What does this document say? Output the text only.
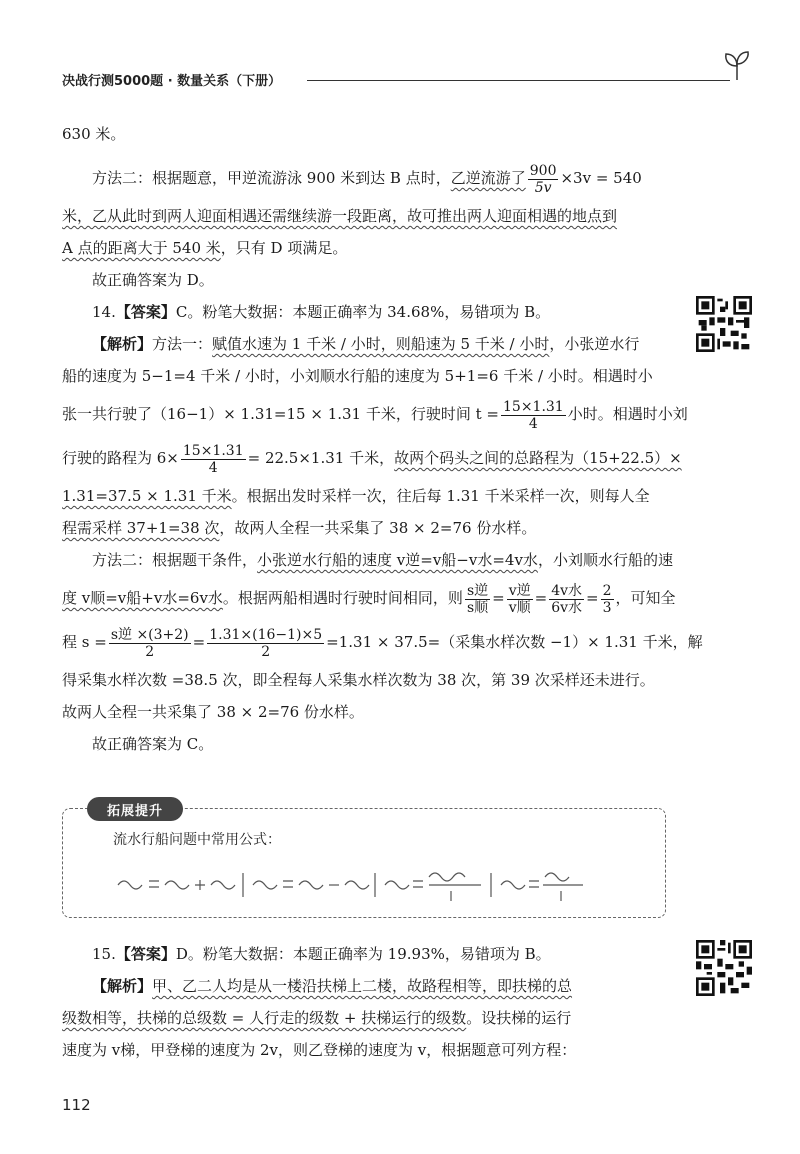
决战行测5000题 · 数量关系（下册）
630 米。
方法二：根据题意，甲逆流游泳 900 米到达 B 点时，乙逆流游了 $\frac{900}{5v} \times 3v = 540$
米，乙从此时到两人迎面相遇还需继续游一段距离，故可推出两人迎面相遇的地点到
A 点的距离大于 540 米，只有 D 项满足。
故正确答案为 D。
14.【答案】C。粉笔大数据：本题正确率为 34.68%，易错项为 B。
【解析】方法一：赋值水速为 1 千米 / 小时，则船速为 5 千米 / 小时，小张逆水行
船的速度为 5−1=4 千米 / 小时，小刘顺水行船的速度为 5+1=6 千米 / 小时。相遇时小
张一共行驶了（16−1）× 1.31=15 × 1.31 千米，行驶时间 $t = \frac{15\times 1.31}{4}$ 小时。相遇时小刘
行驶的路程为 $6\times \frac{15\times 1.31}{4} = 22.5\times 1.31$ 千米，故两个码头之间的总路程为（15+22.5）×
1.31=37.5 × 1.31 千米。根据出发时采样一次，往后每 1.31 千米采样一次，则每人全
程需采样 37+1=38 次，故两人全程一共采集了 38 × 2=76 份水样。
方法二：根据题干条件，小张逆水行船的速度 v逆=v船−v水=4v水，小刘顺水行船的速
度 v顺=v船+v水=6v水。根据两船相遇时行驶时间相同，则 $\frac{\text{s逆}}{\text{s顺}} = \frac{\text{v逆}}{\text{v顺}} = \frac{\text{4v水}}{\text{6v水}} = \frac{2}{3}$ ，可知全
程 $s = \frac{\text{s逆 ×(3+2)}}{2} = \frac{1.31\times(16-1)\times 5}{2} =1.31 \times 37.5=$（采集水样次数 −1）× 1.31 千米，解
得采集水样次数 =38.5 次，即全程每人采集水样次数为 38 次，第 39 次采样还未进行。
故两人全程一共采集了 38 × 2=76 份水样。
故正确答案为 C。
拓展提升
流水行船问题中常用公式：
15.【答案】D。粉笔大数据：本题正确率为 19.93%，易错项为 B。
【解析】甲、乙二人均是从一楼沿扶梯上二楼，故路程相等，即扶梯的总
级数相等，扶梯的总级数 = 人行走的级数 + 扶梯运行的级数。设扶梯的运行
速度为 v梯，甲登梯的速度为 2v，则乙登梯的速度为 v，根据题意可列方程：
112
